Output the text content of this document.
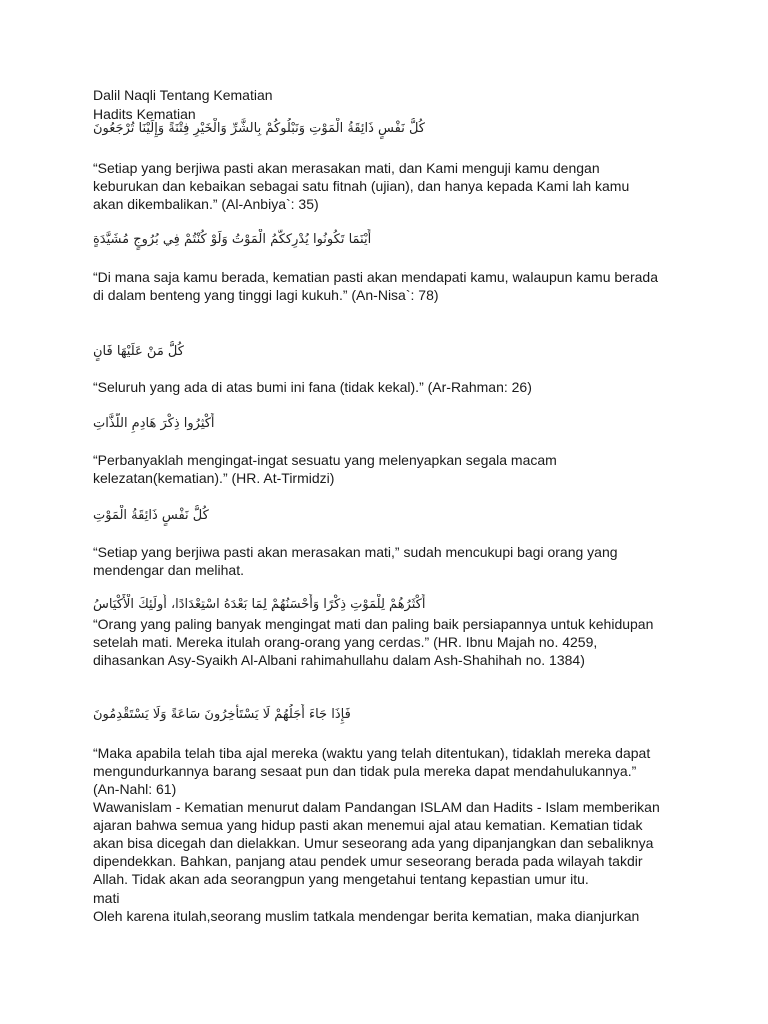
Dalil Naqli Tentang Kematian

Hadits Kematian

كُلُّ نَفْسٍ ذَائِقَةُ الْمَوْتِ وَنَبْلُوكُمْ بِالشَّرِّ وَالْخَيْرِ فِتْنَةً وَإِلَيْنَا تُرْجَعُونَ

“Setiap yang berjiwa pasti akan merasakan mati, dan Kami menguji kamu dengan keburukan dan kebaikan sebagai satu fitnah (ujian), dan hanya kepada Kami lah kamu akan dikembalikan.” (Al-Anbiya`: 35)

أَيْنَمَا تَكُونُوا يُدْرِككُّمُ الْمَوْتُ وَلَوْ كُنْتُمْ فِي بُرُوجٍ مُشَيَّدَةٍ

“Di mana saja kamu berada, kematian pasti akan mendapati kamu, walaupun kamu berada di dalam benteng yang tinggi lagi kukuh.” (An-Nisa`: 78)

كُلُّ مَنْ عَلَيْهَا فَانٍ

“Seluruh yang ada di atas bumi ini fana (tidak kekal).” (Ar-Rahman: 26)

أَكْثِرُوا ذِكْرَ هَادِمِ اللَّذَّاتِ

“Perbanyaklah mengingat-ingat sesuatu yang melenyapkan segala macam kelezatan(kematian).” (HR. At-Tirmidzi)

كُلُّ نَفْسٍ ذَائِقَةُ الْمَوْتِ

“Setiap yang berjiwa pasti akan merasakan mati,” sudah mencukupi bagi orang yang mendengar dan melihat.

أَكْثَرُهُمْ لِلْمَوْتِ ذِكْرًا وَأَحْسَنُهُمْ لِمَا بَعْدَهُ اسْتِعْدَادًا، أُولَئِكَ الْأَكْيَاسُ

“Orang yang paling banyak mengingat mati dan paling baik persiapannya untuk kehidupan setelah mati. Mereka itulah orang-orang yang cerdas.” (HR. Ibnu Majah no. 4259, dihasankan Asy-Syaikh Al-Albani rahimahullahu dalam Ash-Shahihah no. 1384)

فَإِذَا جَاءَ أَجَلُهُمْ لَا يَسْتَأْخِرُونَ سَاعَةً وَلَا يَسْتَقْدِمُونَ

“Maka apabila telah tiba ajal mereka (waktu yang telah ditentukan), tidaklah mereka dapat mengundurkannya barang sesaat pun dan tidak pula mereka dapat mendahulukannya.” (An-Nahl: 61)

Wawanislam - Kematian menurut dalam Pandangan ISLAM dan Hadits - Islam memberikan ajaran bahwa semua yang hidup pasti akan menemui ajal atau kematian. Kematian tidak akan bisa dicegah dan dielakkan. Umur seseorang ada yang dipanjangkan dan sebaliknya dipendekkan. Bahkan, panjang atau pendek umur seseorang berada pada wilayah takdir Allah. Tidak akan ada seorangpun yang mengetahui tentang kepastian umur itu.

mati

Oleh karena itulah,seorang muslim tatkala mendengar berita kematian, maka dianjurkan
